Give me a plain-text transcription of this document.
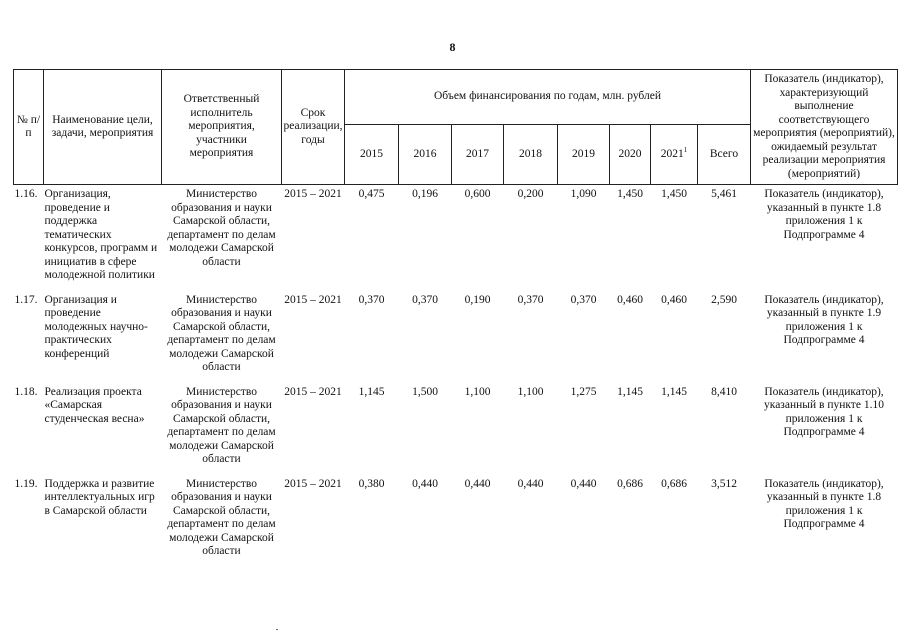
8
№ п/п	Наименование цели, задачи, мероприятия	Ответственный исполнитель мероприятия, участники мероприятия	Срок реализации, годы	Объем финансирования по годам, млн. рублей								Показатель (индикатор), характеризующий выполнение соответствующего мероприятия (мероприятий), ожидаемый результат реализации мероприятия (мероприятий)
				2015	2016	2017	2018	2019	2020	2021$^1$	Всего	
1.16.	Организация, проведение и поддержка тематических конкурсов, программ и инициатив в сфере молодежной политики	Министерство образования и науки Самарской области, департамент по делам молодежи Самарской области	2015 – 2021	0,475	0,196	0,600	0,200	1,090	1,450	1,450	5,461	Показатель (индикатор), указанный в пункте 1.8 приложения 1 к Подпрограмме 4
1.17.	Организация и проведение молодежных научно-практических конференций	Министерство образования и науки Самарской области, департамент по делам молодежи Самарской области	2015 – 2021	0,370	0,370	0,190	0,370	0,370	0,460	0,460	2,590	Показатель (индикатор), указанный в пункте 1.9 приложения 1 к Подпрограмме 4
1.18.	Реализация проекта «Самарская студенческая весна»	Министерство образования и науки Самарской области, департамент по делам молодежи Самарской области	2015 – 2021	1,145	1,500	1,100	1,100	1,275	1,145	1,145	8,410	Показатель (индикатор), указанный в пункте 1.10 приложения 1 к Подпрограмме 4
1.19.	Поддержка и развитие интеллектуальных игр в Самарской области	Министерство образования и науки Самарской области, департамент по делам молодежи Самарской области	2015 – 2021	0,380	0,440	0,440	0,440	0,440	0,686	0,686	3,512	Показатель (индикатор), указанный в пункте 1.8 приложения 1 к Подпрограмме 4
